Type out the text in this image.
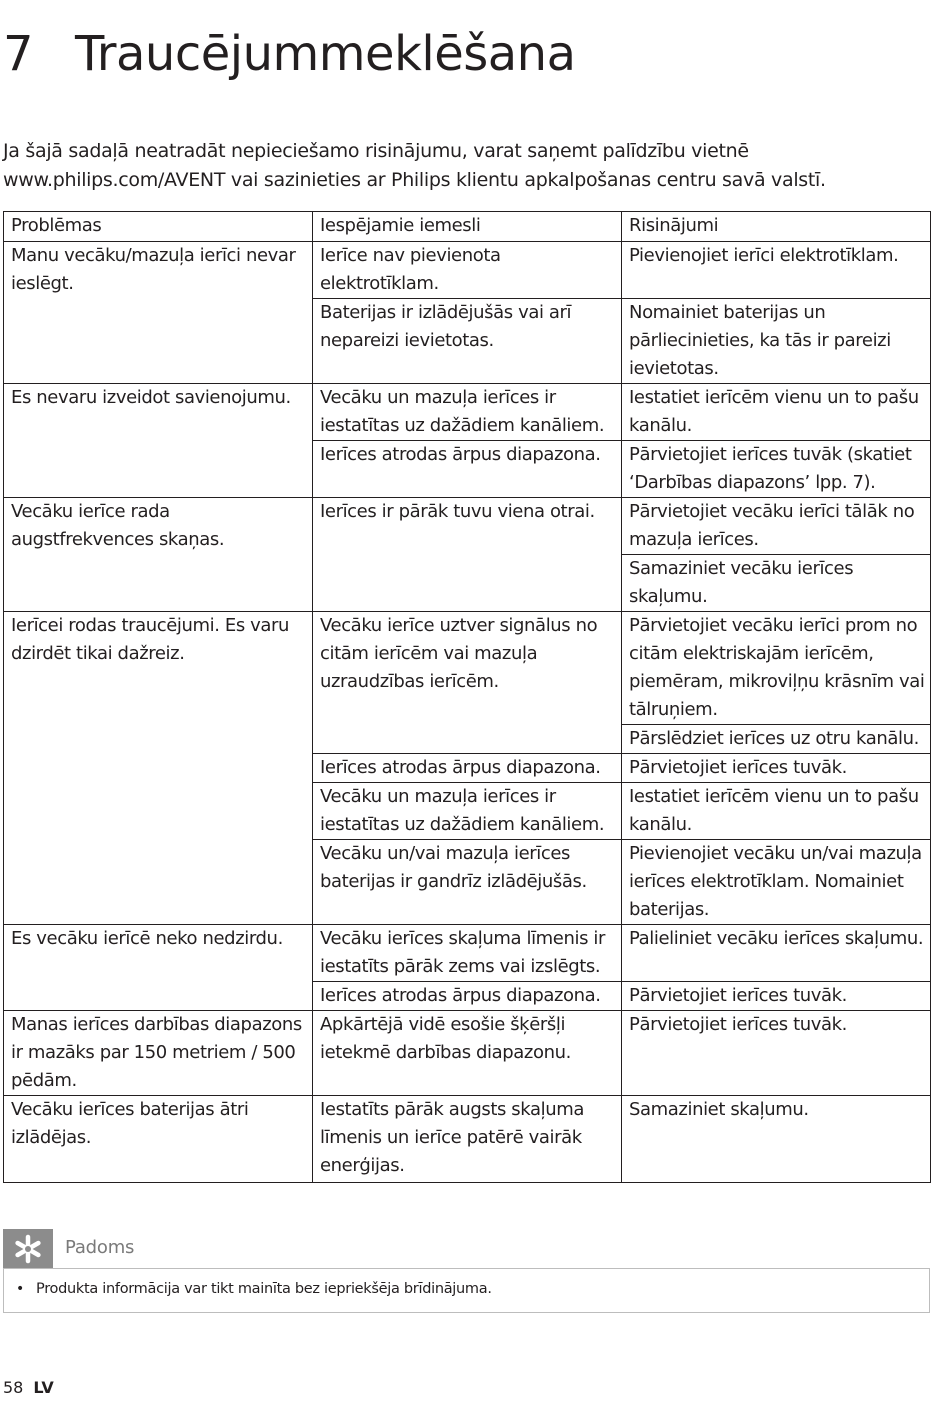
7 Traucējummeklēšana

Ja šajā sadaļā neatradāt nepieciešamo risinājumu, varat saņemt palīdzību vietnē www.philips.com/AVENT vai sazinieties ar Philips klientu apkalpošanas centru savā valstī.

Problēmas	Iespējamie iemesli	Risinājumi
Manu vecāku/mazuļa ierīci nevar ieslēgt.	Ierīce nav pievienota elektrotīklam.	Pievienojiet ierīci elektrotīklam.
	Baterijas ir izlādējušās vai arī nepareizi ievietotas.	Nomainiet baterijas un pārliecinieties, ka tās ir pareizi ievietotas.
Es nevaru izveidot savienojumu.	Vecāku un mazuļa ierīces ir iestatītas uz dažādiem kanāliem.	Iestatiet ierīcēm vienu un to pašu kanālu.
	Ierīces atrodas ārpus diapazona.	Pārvietojiet ierīces tuvāk (skatiet ‘Darbības diapazons’ lpp. 7).
Vecāku ierīce rada augstfrekvences skaņas.	Ierīces ir pārāk tuvu viena otrai.	Pārvietojiet vecāku ierīci tālāk no mazuļa ierīces.
		Samaziniet vecāku ierīces skaļumu.
Ierīcei rodas traucējumi. Es varu dzirdēt tikai dažreiz.	Vecāku ierīce uztver signālus no citām ierīcēm vai mazuļa uzraudzības ierīcēm.	Pārvietojiet vecāku ierīci prom no citām elektriskajām ierīcēm, piemēram, mikroviļņu krāsnīm vai tālruņiem.
		Pārslēdziet ierīces uz otru kanālu.
	Ierīces atrodas ārpus diapazona.	Pārvietojiet ierīces tuvāk.
	Vecāku un mazuļa ierīces ir iestatītas uz dažādiem kanāliem.	Iestatiet ierīcēm vienu un to pašu kanālu.
	Vecāku un/vai mazuļa ierīces baterijas ir gandrīz izlādējušās.	Pievienojiet vecāku un/vai mazuļa ierīces elektrotīklam. Nomainiet baterijas.
Es vecāku ierīcē neko nedzirdu.	Vecāku ierīces skaļuma līmenis ir iestatīts pārāk zems vai izslēgts.	Palieliniet vecāku ierīces skaļumu.
	Ierīces atrodas ārpus diapazona.	Pārvietojiet ierīces tuvāk.
Manas ierīces darbības diapazons ir mazāks par 150 metriem / 500 pēdām.	Apkārtējā vidē esošie šķēršļi ietekmē darbības diapazonu.	Pārvietojiet ierīces tuvāk.
Vecāku ierīces baterijas ātri izlādējas.	Iestatīts pārāk augsts skaļuma līmenis un ierīce patērē vairāk enerģijas.	Samaziniet skaļumu.
Padoms
• Produkta informācija var tikt mainīta bez iepriekšēja brīdinājuma.
58 LV
